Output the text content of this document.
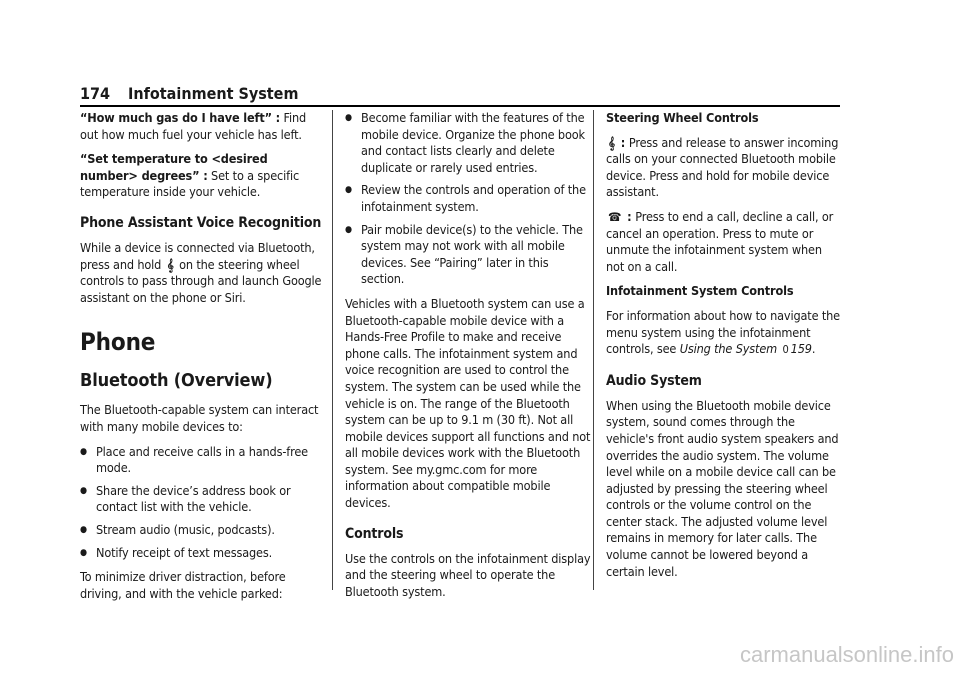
174 Infotainment System

“How much gas do I have left” : Find out how much fuel your vehicle has left.

“Set temperature to <desired number> degrees” : Set to a specific temperature inside your vehicle.

Phone Assistant Voice Recognition

While a device is connected via Bluetooth, press and hold 𝄞 on the steering wheel controls to pass through and launch Google assistant on the phone or Siri.

Phone
Bluetooth (Overview)

The Bluetooth-capable system can interact with many mobile devices to:

● Place and receive calls in a hands-free mode.
● Share the device’s address book or contact list with the vehicle.
● Stream audio (music, podcasts).
● Notify receipt of text messages.

To minimize driver distraction, before driving, and with the vehicle parked:

● Become familiar with the features of the mobile device. Organize the phone book and contact lists clearly and delete duplicate or rarely used entries.
● Review the controls and operation of the infotainment system.
● Pair mobile device(s) to the vehicle. The system may not work with all mobile devices. See “Pairing” later in this section.

Vehicles with a Bluetooth system can use a Bluetooth-capable mobile device with a Hands-Free Profile to make and receive phone calls. The infotainment system and voice recognition are used to control the system. The system can be used while the vehicle is on. The range of the Bluetooth system can be up to 9.1 m (30 ft). Not all mobile devices support all functions and not all mobile devices work with the Bluetooth system. See my.gmc.com for more information about compatible mobile devices.

Controls

Use the controls on the infotainment display and the steering wheel to operate the Bluetooth system.

Steering Wheel Controls

𝄞 : Press and release to answer incoming calls on your connected Bluetooth mobile device. Press and hold for mobile device assistant.

☎ : Press to end a call, decline a call, or cancel an operation. Press to mute or unmute the infotainment system when not on a call.

Infotainment System Controls

For information about how to navigate the menu system using the infotainment controls, see Using the System 0 159.

Audio System

When using the Bluetooth mobile device system, sound comes through the vehicle's front audio system speakers and overrides the audio system. The volume level while on a mobile device call can be adjusted by pressing the steering wheel controls or the volume control on the center stack. The adjusted volume level remains in memory for later calls. The volume cannot be lowered beyond a certain level.

carmanualsonline.info
